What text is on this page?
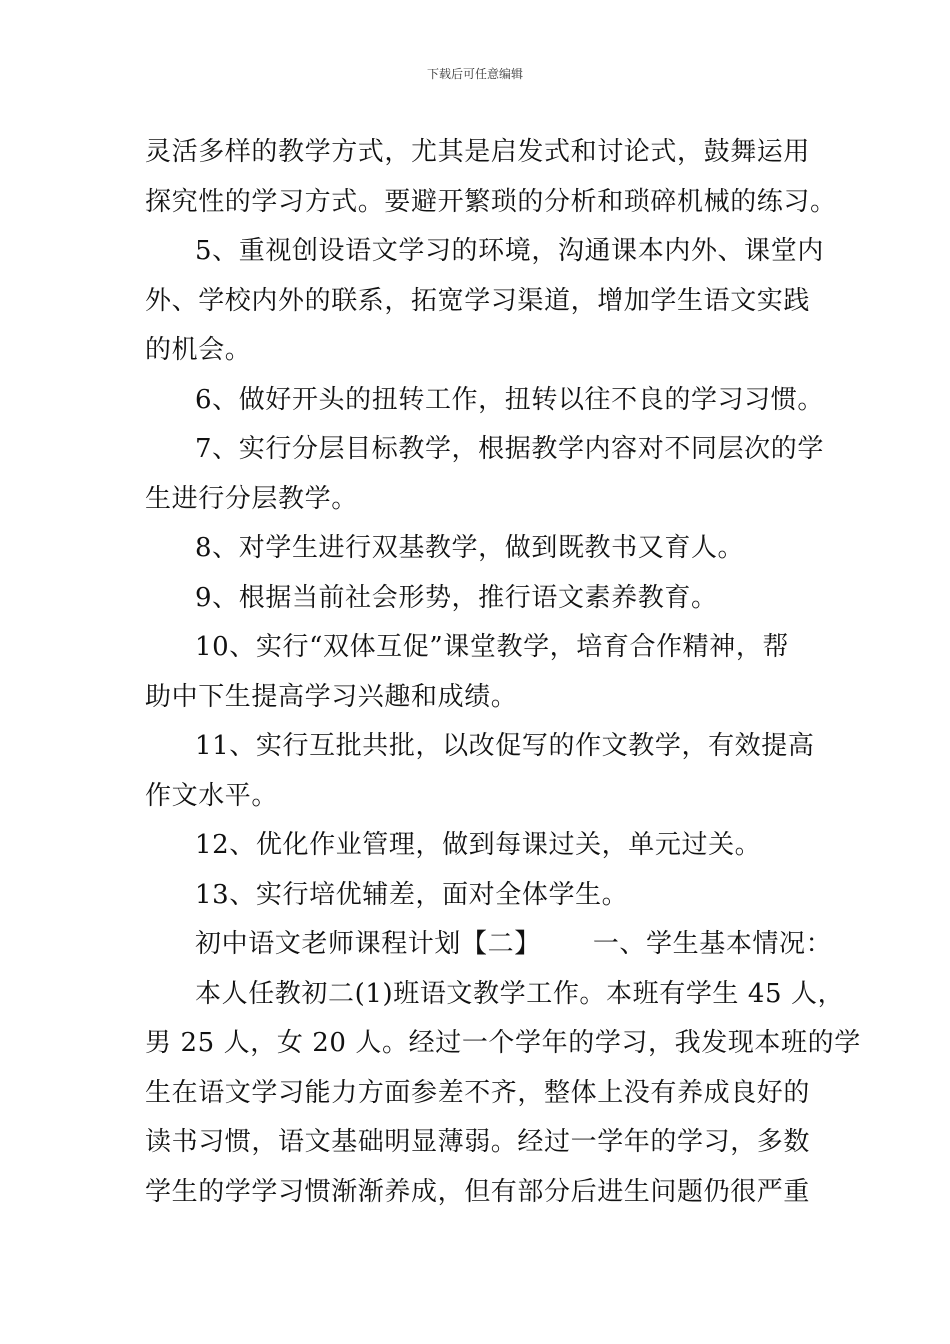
下载后可任意编辑
灵活多样的教学方式，尤其是启发式和讨论式，鼓舞运用
探究性的学习方式。要避开繁琐的分析和琐碎机械的练习。
5、重视创设语文学习的环境，沟通课本内外、课堂内
外、学校内外的联系，拓宽学习渠道，增加学生语文实践
的机会。
6、做好开头的扭转工作，扭转以往不良的学习习惯。
7、实行分层目标教学，根据教学内容对不同层次的学
生进行分层教学。
8、对学生进行双基教学，做到既教书又育人。
9、根据当前社会形势，推行语文素养教育。
10、实行“双体互促”课堂教学，培育合作精神，帮
助中下生提高学习兴趣和成绩。
11、实行互批共批，以改促写的作文教学，有效提高
作文水平。
12、优化作业管理，做到每课过关，单元过关。
13、实行培优辅差，面对全体学生。
初中语文老师课程计划【二】 一、学生基本情况：
本人任教初二(1)班语文教学工作。本班有学生 45 人，
男 25 人，女 20 人。经过一个学年的学习，我发现本班的学
生在语文学习能力方面参差不齐，整体上没有养成良好的
读书习惯，语文基础明显薄弱。经过一学年的学习，多数
学生的学学习惯渐渐养成，但有部分后进生问题仍很严重
